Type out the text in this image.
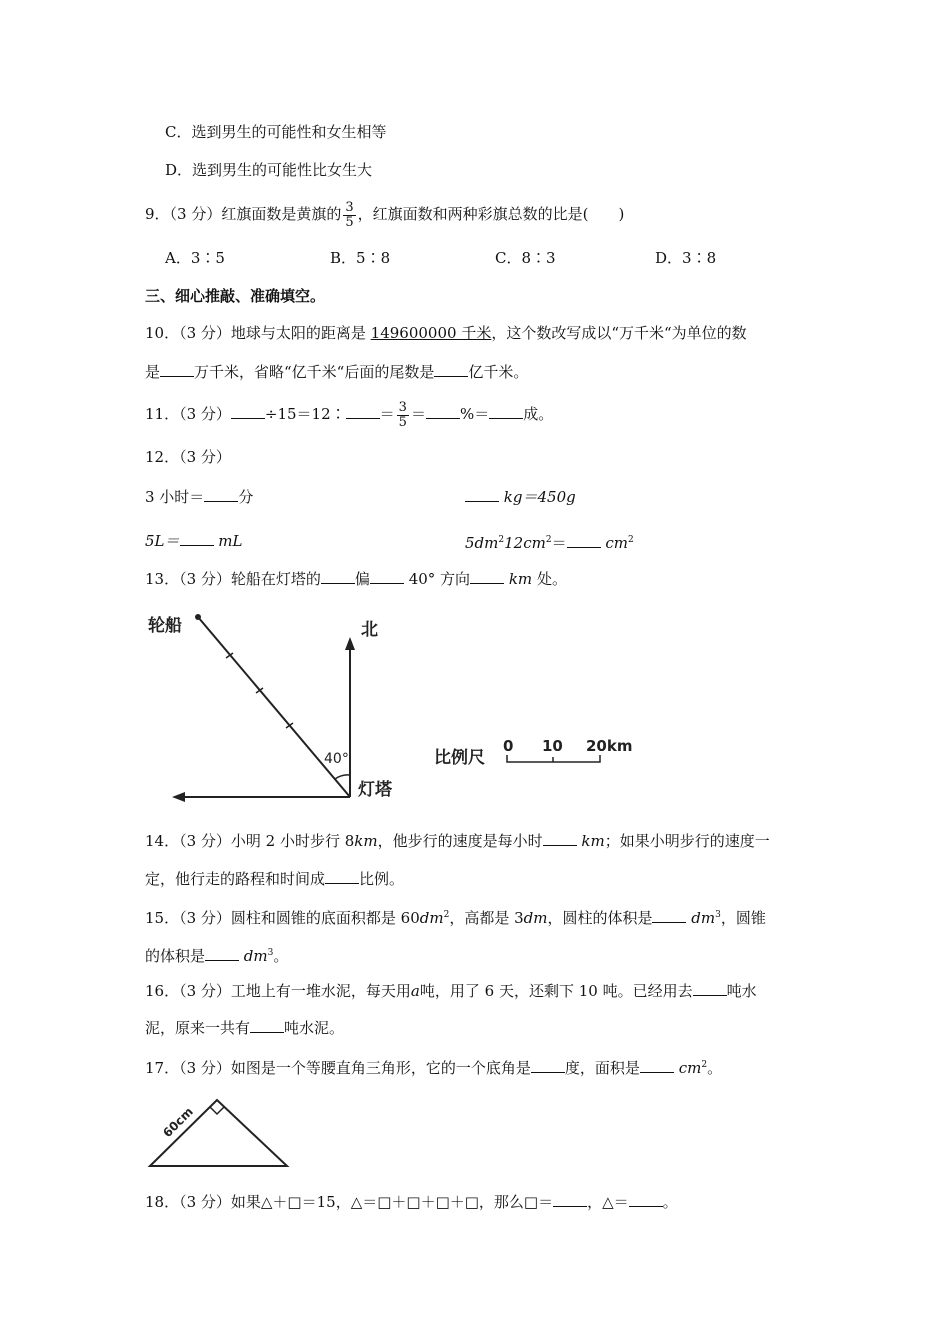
C．选到男生的可能性和女生相等
D．选到男生的可能性比女生大
9．（3 分）红旗面数是黄旗的 $\frac{3}{5}$ ，红旗面数和两种彩旗总数的比是(　　)
A．3∶5	B．5∶8	C．8∶3	D．3∶8
三、细心推敲、准确填空。
10．（3 分）地球与太阳的距离是 149600000 千米，这个数改写成以“万千米“为单位的数
是 万千米，省略“亿千米“后面的尾数是 亿千米。
11．（3 分） ÷15＝12∶ ＝ $\frac{3}{5}$ ＝ %＝ 成。
12．（3 分）
3 小时＝ 分	kg＝450g
5L＝	mL	$5dm^212cm^2=$	$cm^2$
13．（3 分）轮船在灯塔的 偏	40° 方向	km 处。
轮船	北
40°
灯塔
比例尺
0 10 20km
14．（3 分）小明 2 小时步行 8km，他步行的速度是每小时	km；如果小明步行的速度一
定，他行走的路程和时间成 比例。
15．（3 分）圆柱和圆锥的底面积都是 $60dm^2$，高都是 3dm，圆柱的体积是	$dm^3$，圆锥
的体积是	$dm^3$。
16．（3 分）工地上有一堆水泥，每天用a吨，用了 6 天，还剩下 10 吨。已经用去 吨水
泥，原来一共有 吨水泥。
17．（3 分）如图是一个等腰直角三角形，它的一个底角是 度，面积是	$cm^2$。
60cm
18．（3 分）如果△＋□＝15，△＝□＋□＋□＋□，那么□＝ ，△＝ 。
